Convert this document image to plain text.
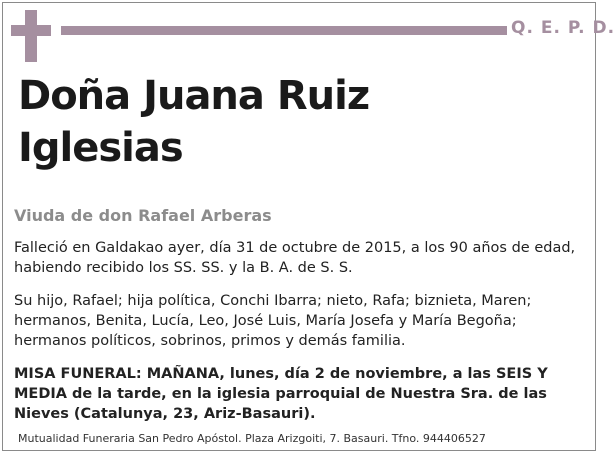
Q. E. P. D.
Doña Juana Ruiz
Iglesias
Viuda de don Rafael Arberas
Falleció en Galdakao ayer, día 31 de octubre de 2015, a los 90 años de edad, habiendo recibido los SS. SS. y la B. A. de S. S.
Su hijo, Rafael; hija política, Conchi Ibarra; nieto, Rafa; biznieta, Maren; hermanos, Benita, Lucía, Leo, José Luis, María Josefa y María Begoña; hermanos políticos, sobrinos, primos y demás familia.
MISA FUNERAL: MAÑANA, lunes, día 2 de noviembre, a las SEIS Y MEDIA de la tarde, en la iglesia parroquial de Nuestra Sra. de las Nieves (Catalunya, 23, Ariz-Basauri).
Mutualidad Funeraria San Pedro Apóstol. Plaza Arizgoiti, 7. Basauri. Tfno. 944406527
